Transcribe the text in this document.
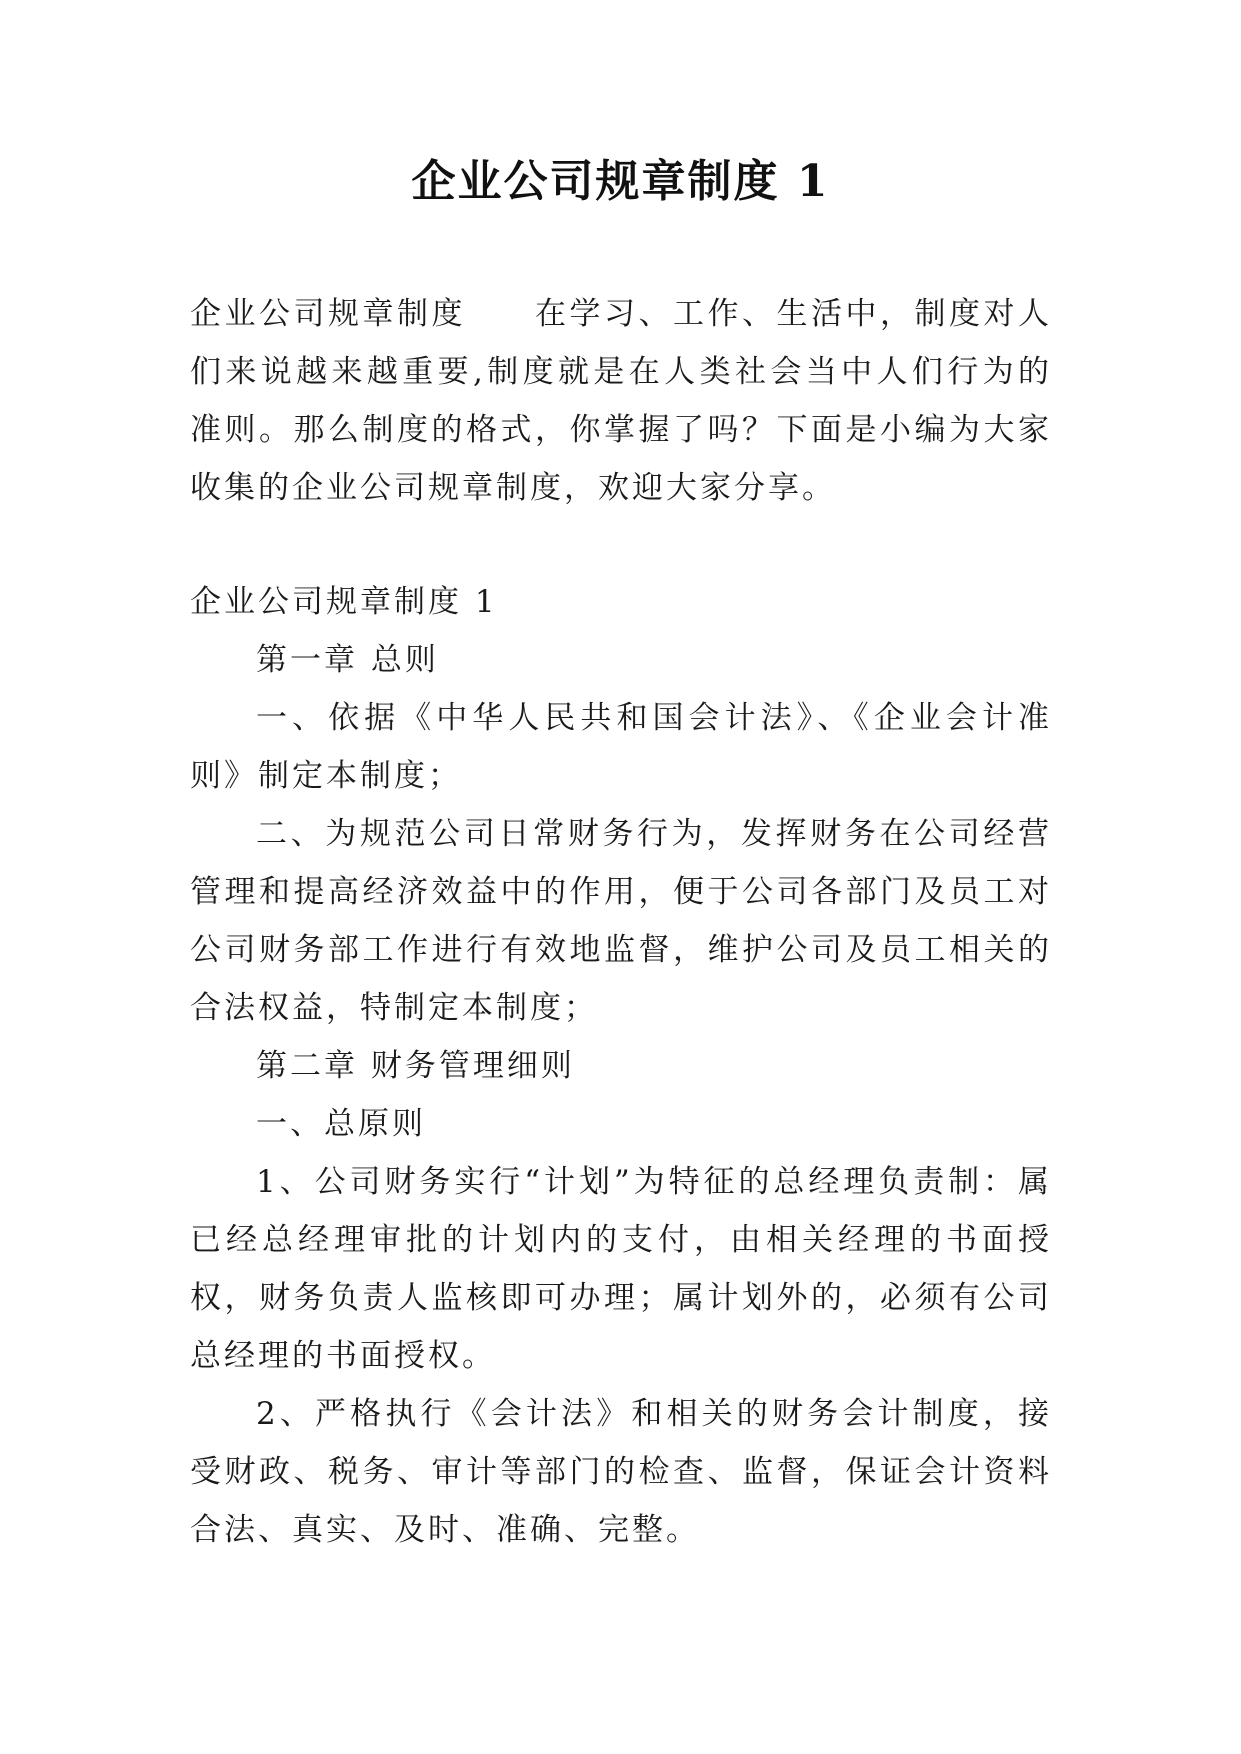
企业公司规章制度 1
企业公司规章制度　　在学习、工作、生活中，制度对人们来说越来越重要,制度就是在人类社会当中人们行为的准则。那么制度的格式，你掌握了吗？下面是小编为大家收集的企业公司规章制度，欢迎大家分享。
企业公司规章制度 1

第一章 总则

一、依据《中华人民共和国会计法》、《企业会计准则》制定本制度；

二、为规范公司日常财务行为，发挥财务在公司经营管理和提高经济效益中的作用，便于公司各部门及员工对公司财务部工作进行有效地监督，维护公司及员工相关的合法权益，特制定本制度；

第二章 财务管理细则

一、总原则

1、公司财务实行“计划”为特征的总经理负责制：属已经总经理审批的计划内的支付，由相关经理的书面授权，财务负责人监核即可办理；属计划外的，必须有公司总经理的书面授权。

2、严格执行《会计法》和相关的财务会计制度，接受财政、税务、审计等部门的检查、监督，保证会计资料合法、真实、及时、准确、完整。
